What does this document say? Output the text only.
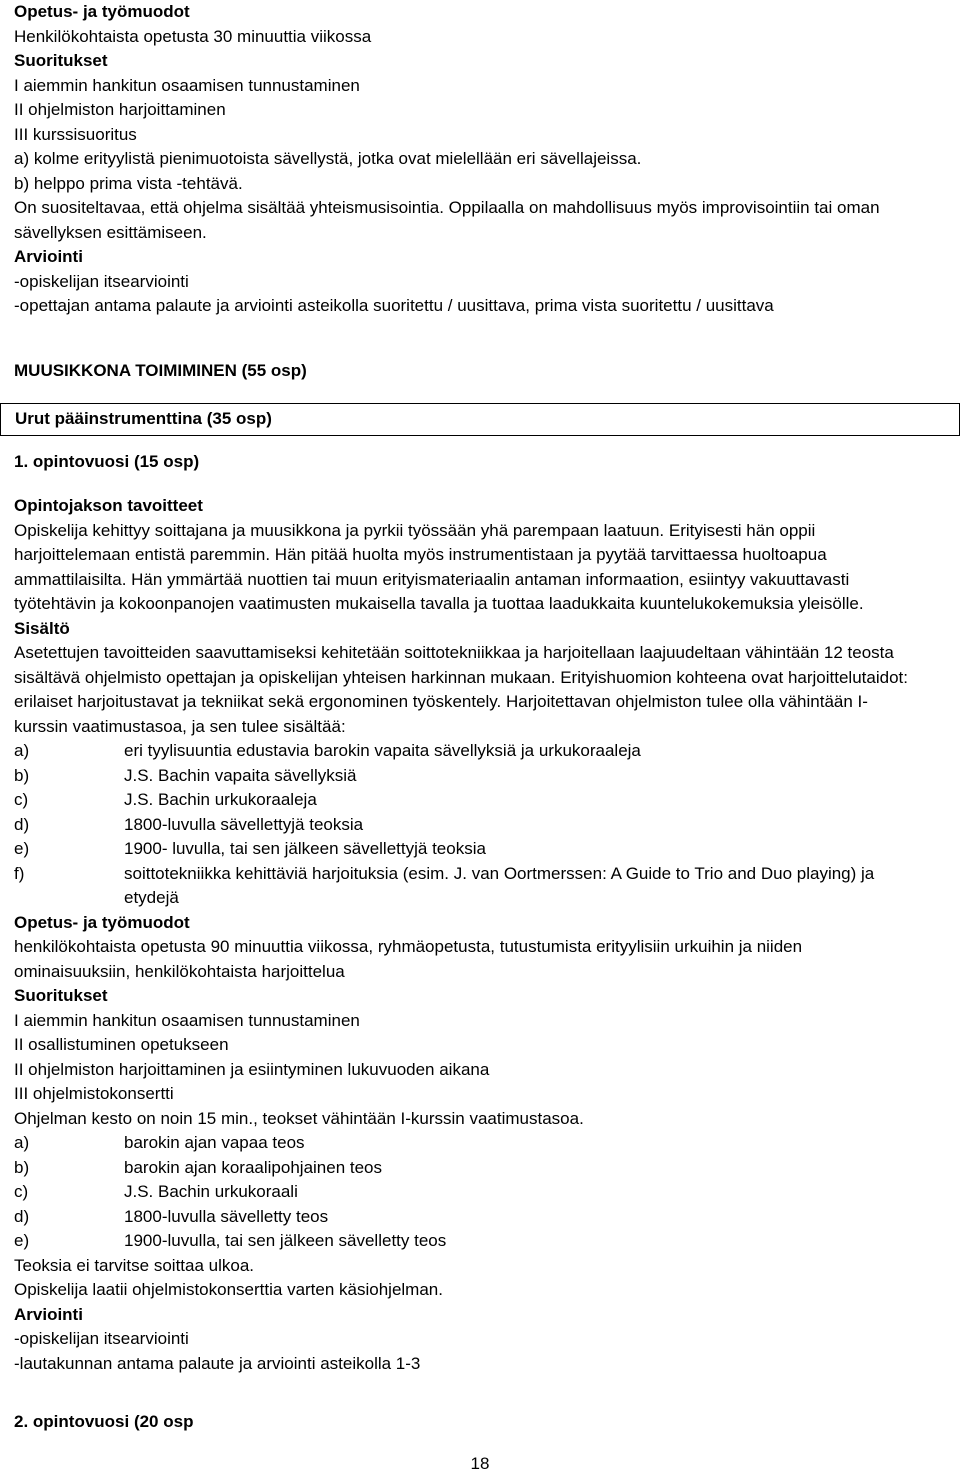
Opetus- ja työmuodot
Henkilökohtaista opetusta 30 minuuttia viikossa
Suoritukset
I aiemmin hankitun osaamisen tunnustaminen
II ohjelmiston harjoittaminen
III kurssisuoritus
a) kolme erityylistä pienimuotoista sävellystä, jotka ovat mielellään eri sävellajeissa.
b) helppo prima vista -tehtävä.
On suositeltavaa, että ohjelma sisältää yhteismusisointia. Oppilaalla on mahdollisuus myös improvisointiin tai oman
sävellyksen esittämiseen.
Arviointi
-opiskelijan itsearviointi
-opettajan antama palaute ja arviointi asteikolla suoritettu / uusittava, prima vista suoritettu / uusittava
MUUSIKKONA TOIMIMINEN (55 osp)
Urut pääinstrumenttina (35 osp)
1. opintovuosi (15 osp)
Opintojakson tavoitteet
Opiskelija kehittyy soittajana ja muusikkona ja pyrkii työssään yhä parempaan laatuun. Erityisesti hän oppii
harjoittelemaan entistä paremmin. Hän pitää huolta myös instrumentistaan ja pyytää tarvittaessa huoltoapua
ammattilaisilta. Hän ymmärtää nuottien tai muun erityismateriaalin antaman informaation, esiintyy vakuuttavasti
työtehtävin ja kokoonpanojen vaatimusten mukaisella tavalla ja tuottaa laadukkaita kuuntelukokemuksia yleisölle.
Sisältö
Asetettujen tavoitteiden saavuttamiseksi kehitetään soittotekniikkaa ja harjoitellaan laajuudeltaan vähintään 12 teosta
sisältävä ohjelmisto opettajan ja opiskelijan yhteisen harkinnan mukaan. Erityishuomion kohteena ovat harjoittelutaidot:
erilaiset harjoitustavat ja tekniikat sekä ergonominen työskentely. Harjoitettavan ohjelmiston tulee olla vähintään I-
kurssin vaatimustasoa, ja sen tulee sisältää:
a)	eri tyylisuuntia edustavia barokin vapaita sävellyksiä ja urkukoraaleja
b)	J.S. Bachin vapaita sävellyksiä
c)	J.S. Bachin urkukoraaleja
d)	1800-luvulla sävellettyjä teoksia
e)	1900- luvulla, tai sen jälkeen sävellettyjä teoksia
f)	soittotekniikka kehittäviä harjoituksia (esim. J. van Oortmerssen: A Guide to Trio and Duo playing) ja
etydejä
Opetus- ja työmuodot
henkilökohtaista opetusta 90 minuuttia viikossa, ryhmäopetusta, tutustumista erityylisiin urkuihin ja niiden
ominaisuuksiin, henkilökohtaista harjoittelua
Suoritukset
I aiemmin hankitun osaamisen tunnustaminen
II osallistuminen opetukseen
II ohjelmiston harjoittaminen ja esiintyminen lukuvuoden aikana
III ohjelmistokonsertti
Ohjelman kesto on noin 15 min., teokset vähintään I-kurssin vaatimustasoa.
a)	barokin ajan vapaa teos
b)	barokin ajan koraalipohjainen teos
c)	J.S. Bachin urkukoraali
d)	1800-luvulla sävelletty teos
e)	1900-luvulla, tai sen jälkeen sävelletty teos
Teoksia ei tarvitse soittaa ulkoa.
Opiskelija laatii ohjelmistokonserttia varten käsiohjelman.
Arviointi
-opiskelijan itsearviointi
-lautakunnan antama palaute ja arviointi asteikolla 1-3
2. opintovuosi (20 osp
18
